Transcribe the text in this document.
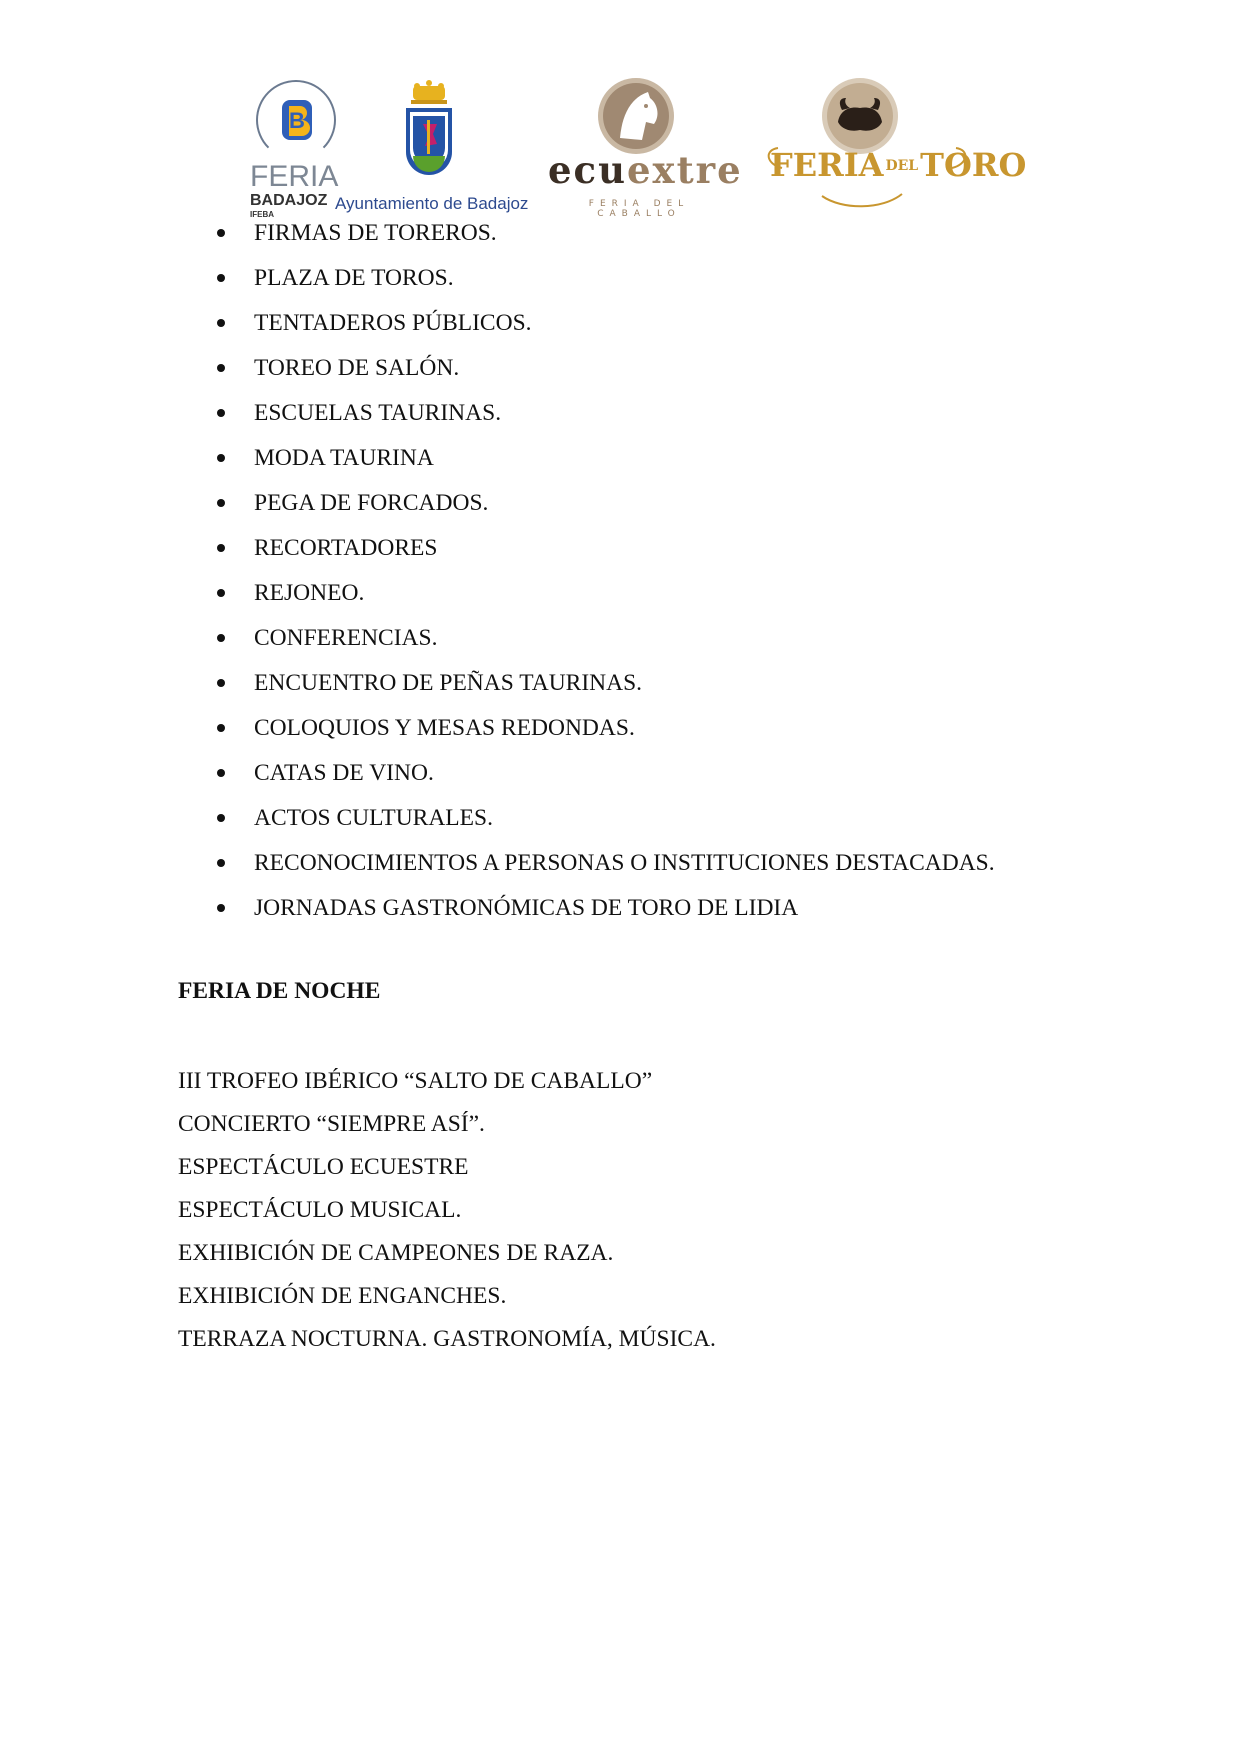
B
FERIA
BADAJOZ
IFEBA
Ayuntamiento de Badajoz
ecuextre
FERIA DEL CABALLO
FERIA DELTORO
FIRMAS DE TOREROS.
PLAZA DE TOROS.
TENTADEROS PÚBLICOS.
TOREO DE SALÓN.
ESCUELAS TAURINAS.
MODA TAURINA
PEGA DE FORCADOS.
RECORTADORES
REJONEO.
CONFERENCIAS.
ENCUENTRO DE PEÑAS TAURINAS.
COLOQUIOS Y MESAS REDONDAS.
CATAS DE VINO.
ACTOS CULTURALES.
RECONOCIMIENTOS A PERSONAS O INSTITUCIONES DESTACADAS.
JORNADAS GASTRONÓMICAS DE TORO DE LIDIA
FERIA DE NOCHE
III TROFEO IBÉRICO “SALTO DE CABALLO”
CONCIERTO “SIEMPRE ASÍ”.
ESPECTÁCULO ECUESTRE
ESPECTÁCULO MUSICAL.
EXHIBICIÓN DE CAMPEONES DE RAZA.
EXHIBICIÓN DE ENGANCHES.
TERRAZA NOCTURNA. GASTRONOMÍA, MÚSICA.
